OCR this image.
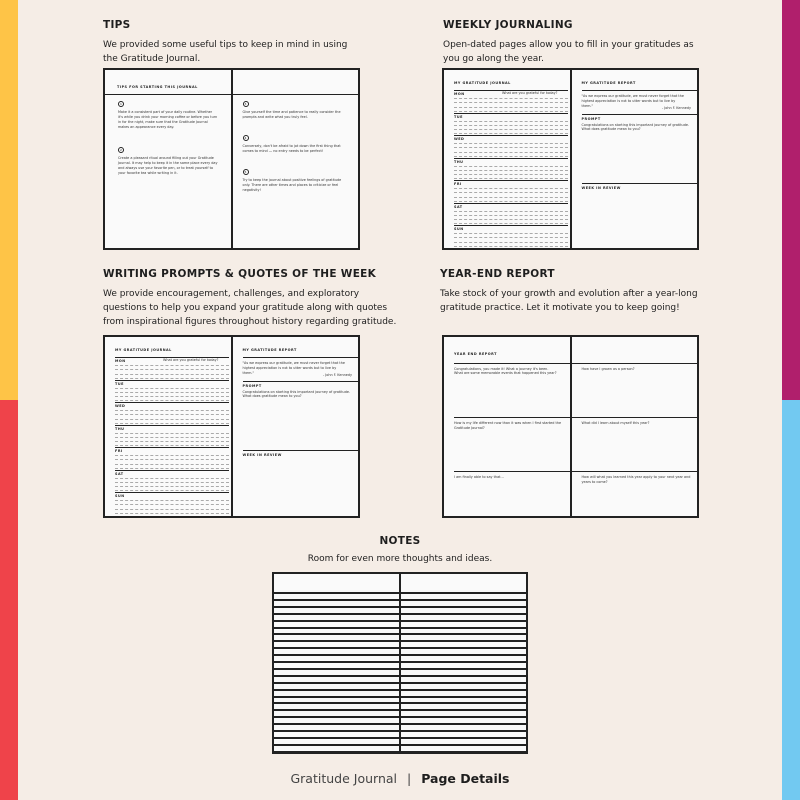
TIPS
We provided some useful tips to keep in mind in using
the Gratitude Journal.
TIPS FOR STARTING THIS JOURNAL
1
Make it a consistent part of your daily routine. Whether it's while you drink your morning coffee or before you turn in for the night, make sure that the Gratitude Journal makes an appearance every day.
2
Create a pleasant ritual around filling out your Gratitude Journal. It may help to keep it in the same place every day and always use your favorite pen, or to treat yourself to your favorite tea while writing in it.
3
Give yourself the time and patience to really consider the prompts and write what you truly feel.
4
Conversely, don't be afraid to jot down the first thing that comes to mind — no entry needs to be perfect!
5
Try to keep the journal about positive feelings of gratitude only. There are other times and places to criticize or feel negativity!
WEEKLY JOURNALING
Open-dated pages allow you to fill in your gratitudes as
you go along the year.
MY GRATITUDE JOURNAL
What are you grateful for today?
MON
TUE
WED
THU
FRI
SAT
SUN
MY GRATITUDE REPORT
"As we express our gratitude, we must never forget that the highest appreciation is not to utter words but to live by them."	- John F. Kennedy
PROMPT
Congratulations on starting this important journey of gratitude.
What does gratitude mean to you?
WEEK IN REVIEW
WRITING PROMPTS & QUOTES OF THE WEEK
We provide encouragement, challenges, and exploratory
questions to help you expand your gratitude along with quotes
from inspirational figures throughout history regarding gratitude.
MY GRATITUDE JOURNAL
What are you grateful for today?
MON
TUE
WED
THU
FRI
SAT
SUN
MY GRATITUDE REPORT
"As we express our gratitude, we must never forget that the highest appreciation is not to utter words but to live by them."	- John F. Kennedy
PROMPT
Congratulations on starting this important journey of gratitude.
What does gratitude mean to you?
WEEK IN REVIEW
YEAR-END REPORT
Take stock of your growth and evolution after a year-long
gratitude practice. Let it motivate you to keep going!
YEAR END REPORT
Congratulations, you made it! What a journey it's been.
What are some memorable events that happened this year?
How is my life different now than it was when I first started the Gratitude Journal?
I am finally able to say that...
How have I grown as a person?
What did I learn about myself this year?
How will what you learned this year apply to your next year and years to come?
NOTES
Room for even more thoughts and ideas.
Gratitude Journal | Page Details
